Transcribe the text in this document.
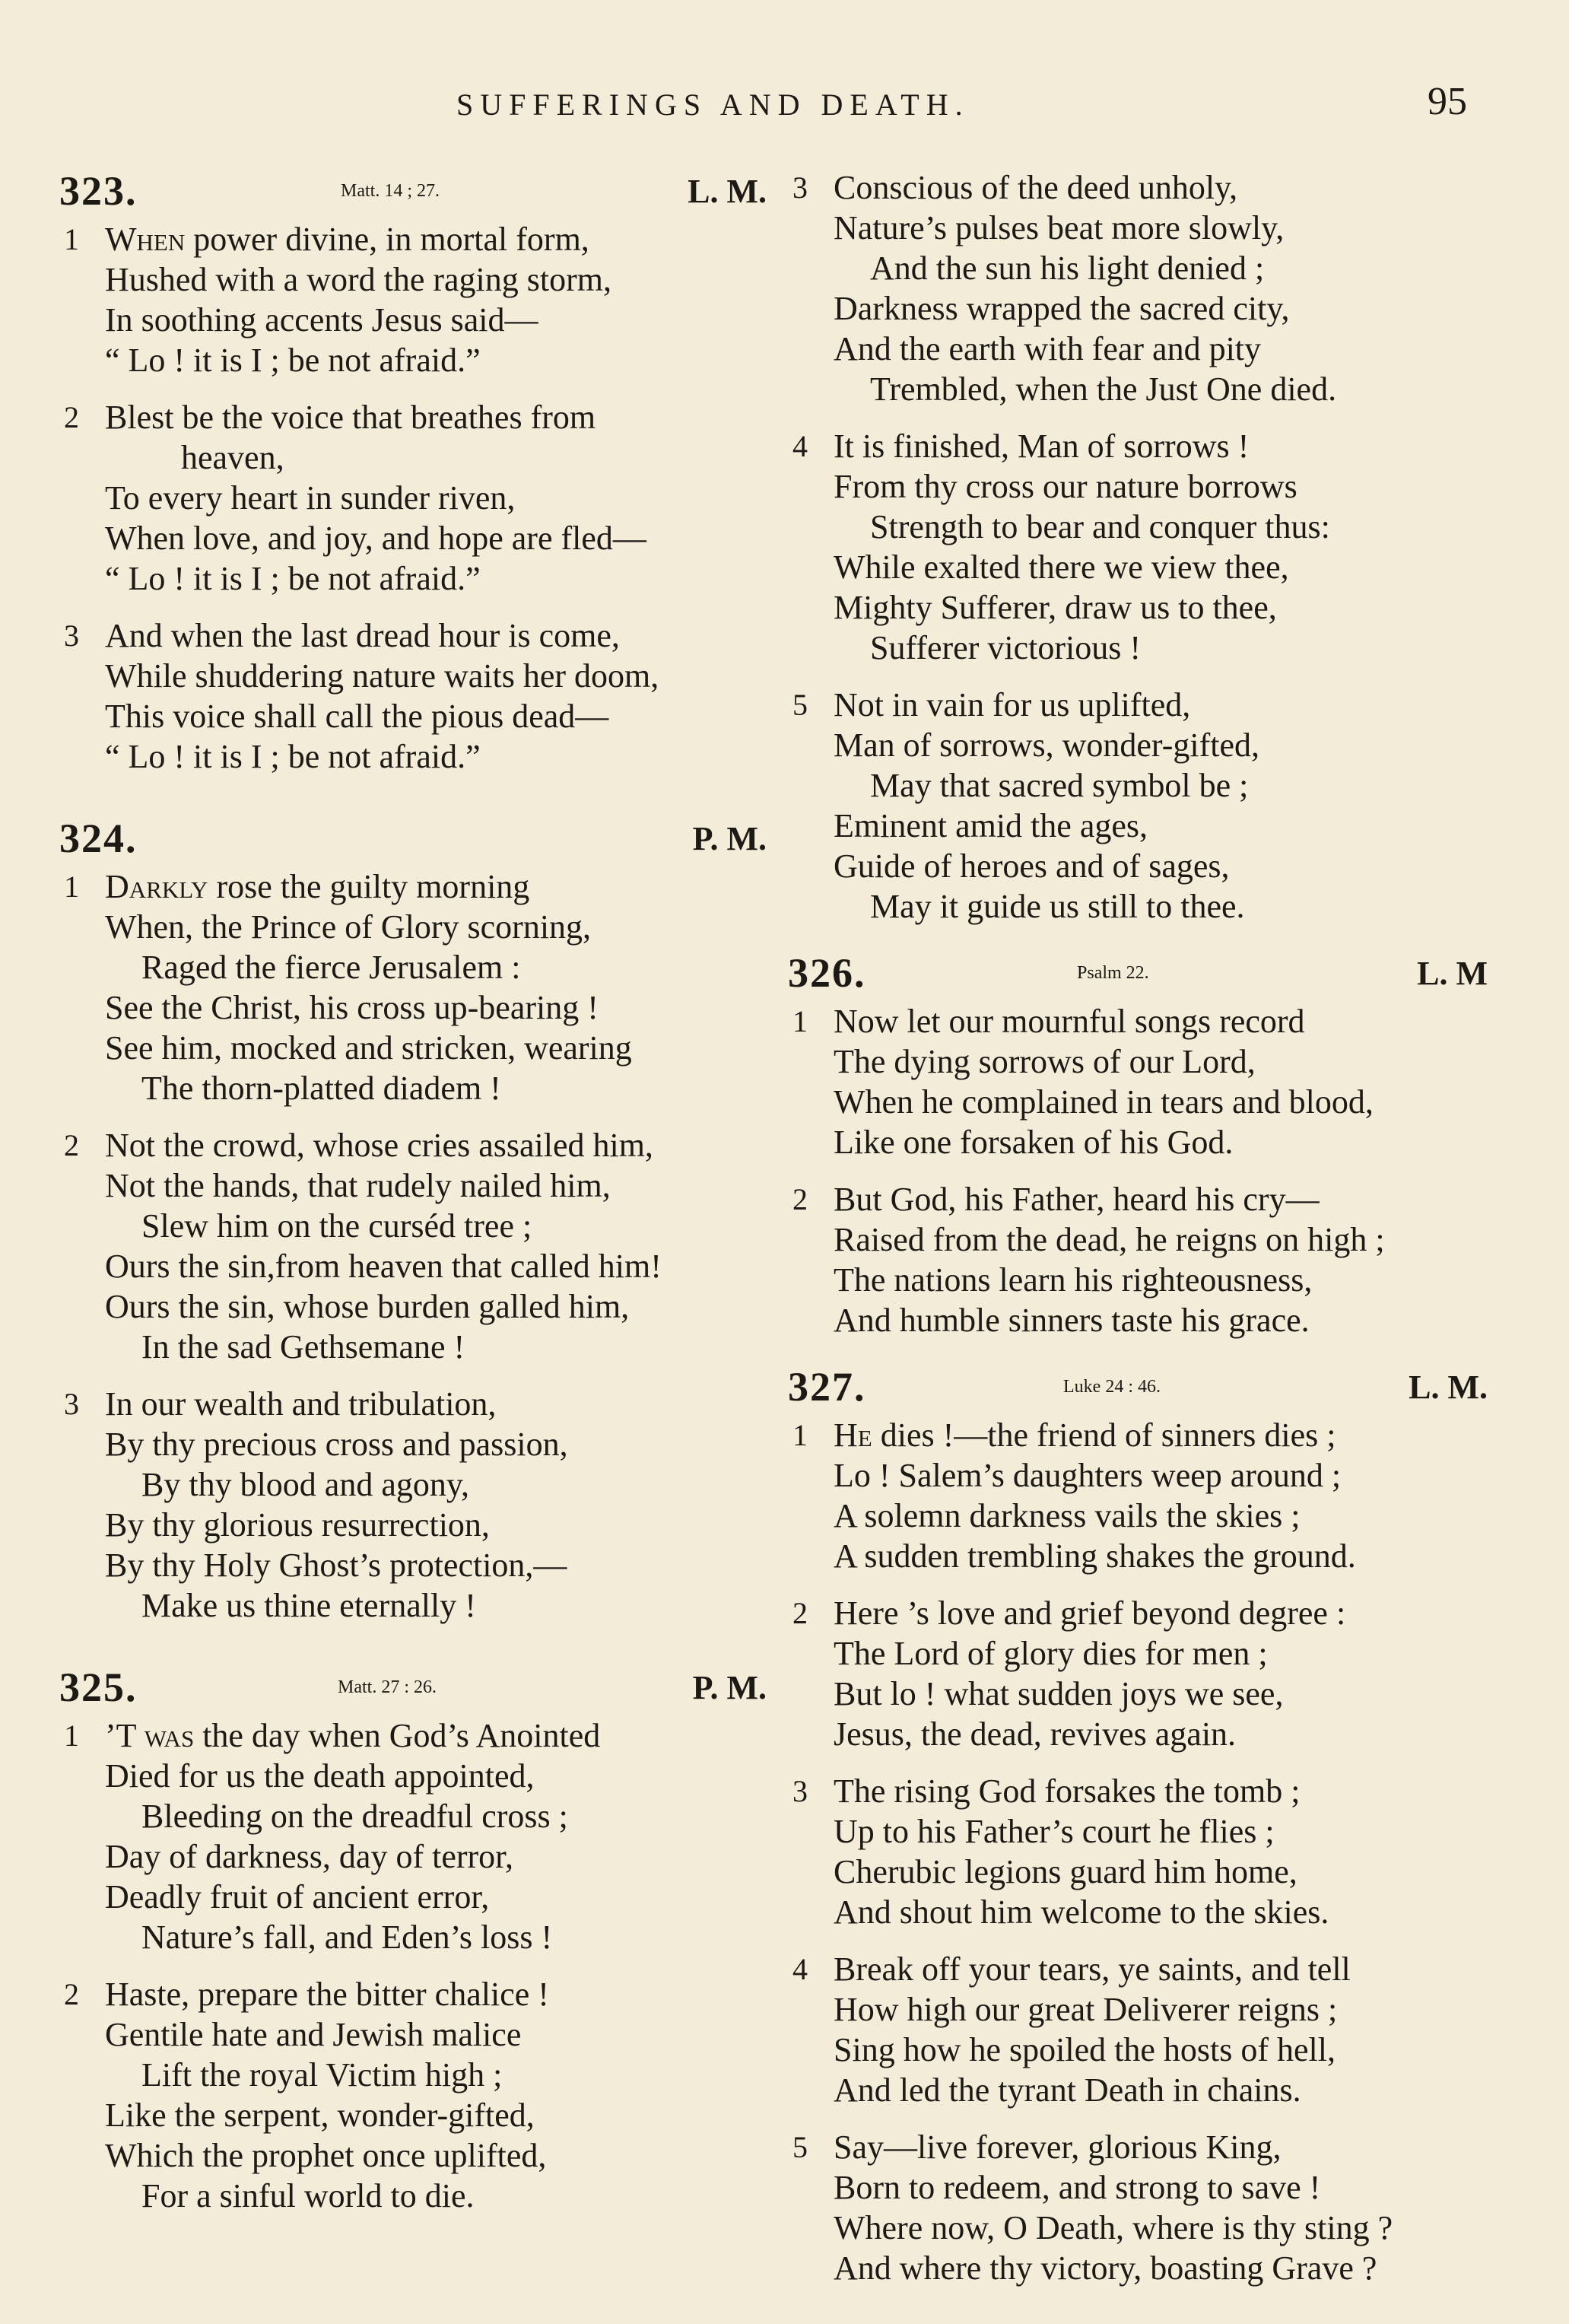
SUFFERINGS AND DEATH.	95
323.	Matt. 14 ; 27.	L. M.
1 When power divine, in mortal form,
Hushed with a word the raging storm,
In soothing accents Jesus said—
“ Lo ! it is I ; be not afraid.”
2 Blest be the voice that breathes from
heaven,
To every heart in sunder riven,
When love, and joy, and hope are fled—
“ Lo ! it is I ; be not afraid.”
3 And when the last dread hour is come,
While shuddering nature waits her doom,
This voice shall call the pious dead—
“ Lo ! it is I ; be not afraid.”
324.	P. M.
1 Darkly rose the guilty morning
When, the Prince of Glory scorning,
Raged the fierce Jerusalem :
See the Christ, his cross up-bearing !
See him, mocked and stricken, wearing
The thorn-platted diadem !
2 Not the crowd, whose cries assailed him,
Not the hands, that rudely nailed him,
Slew him on the curséd tree ;
Ours the sin,from heaven that called him!
Ours the sin, whose burden galled him,
In the sad Gethsemane !
3 In our wealth and tribulation,
By thy precious cross and passion,
By thy blood and agony,
By thy glorious resurrection,
By thy Holy Ghost’s protection,—
Make us thine eternally !
325.	Matt. 27 : 26.	P. M.
1 ’T was the day when God’s Anointed
Died for us the death appointed,
Bleeding on the dreadful cross ;
Day of darkness, day of terror,
Deadly fruit of ancient error,
Nature’s fall, and Eden’s loss !
2 Haste, prepare the bitter chalice !
Gentile hate and Jewish malice
Lift the royal Victim high ;
Like the serpent, wonder-gifted,
Which the prophet once uplifted,
For a sinful world to die.
3 Conscious of the deed unholy,
Nature’s pulses beat more slowly,
And the sun his light denied ;
Darkness wrapped the sacred city,
And the earth with fear and pity
Trembled, when the Just One died.
4 It is finished, Man of sorrows !
From thy cross our nature borrows
Strength to bear and conquer thus:
While exalted there we view thee,
Mighty Sufferer, draw us to thee,
Sufferer victorious !
5 Not in vain for us uplifted,
Man of sorrows, wonder-gifted,
May that sacred symbol be ;
Eminent amid the ages,
Guide of heroes and of sages,
May it guide us still to thee.
326.	Psalm 22.	L. M
1 Now let our mournful songs record
The dying sorrows of our Lord,
When he complained in tears and blood,
Like one forsaken of his God.
2 But God, his Father, heard his cry—
Raised from the dead, he reigns on high ;
The nations learn his righteousness,
And humble sinners taste his grace.
327.	Luke 24 : 46.	L. M.
1 He dies !—the friend of sinners dies ;
Lo ! Salem’s daughters weep around ;
A solemn darkness vails the skies ;
A sudden trembling shakes the ground.
2 Here ’s love and grief beyond degree :
The Lord of glory dies for men ;
But lo ! what sudden joys we see,
Jesus, the dead, revives again.
3 The rising God forsakes the tomb ;
Up to his Father’s court he flies ;
Cherubic legions guard him home,
And shout him welcome to the skies.
4 Break off your tears, ye saints, and tell
How high our great Deliverer reigns ;
Sing how he spoiled the hosts of hell,
And led the tyrant Death in chains.
5 Say—live forever, glorious King,
Born to redeem, and strong to save !
Where now, O Death, where is thy sting ?
And where thy victory, boasting Grave ?
